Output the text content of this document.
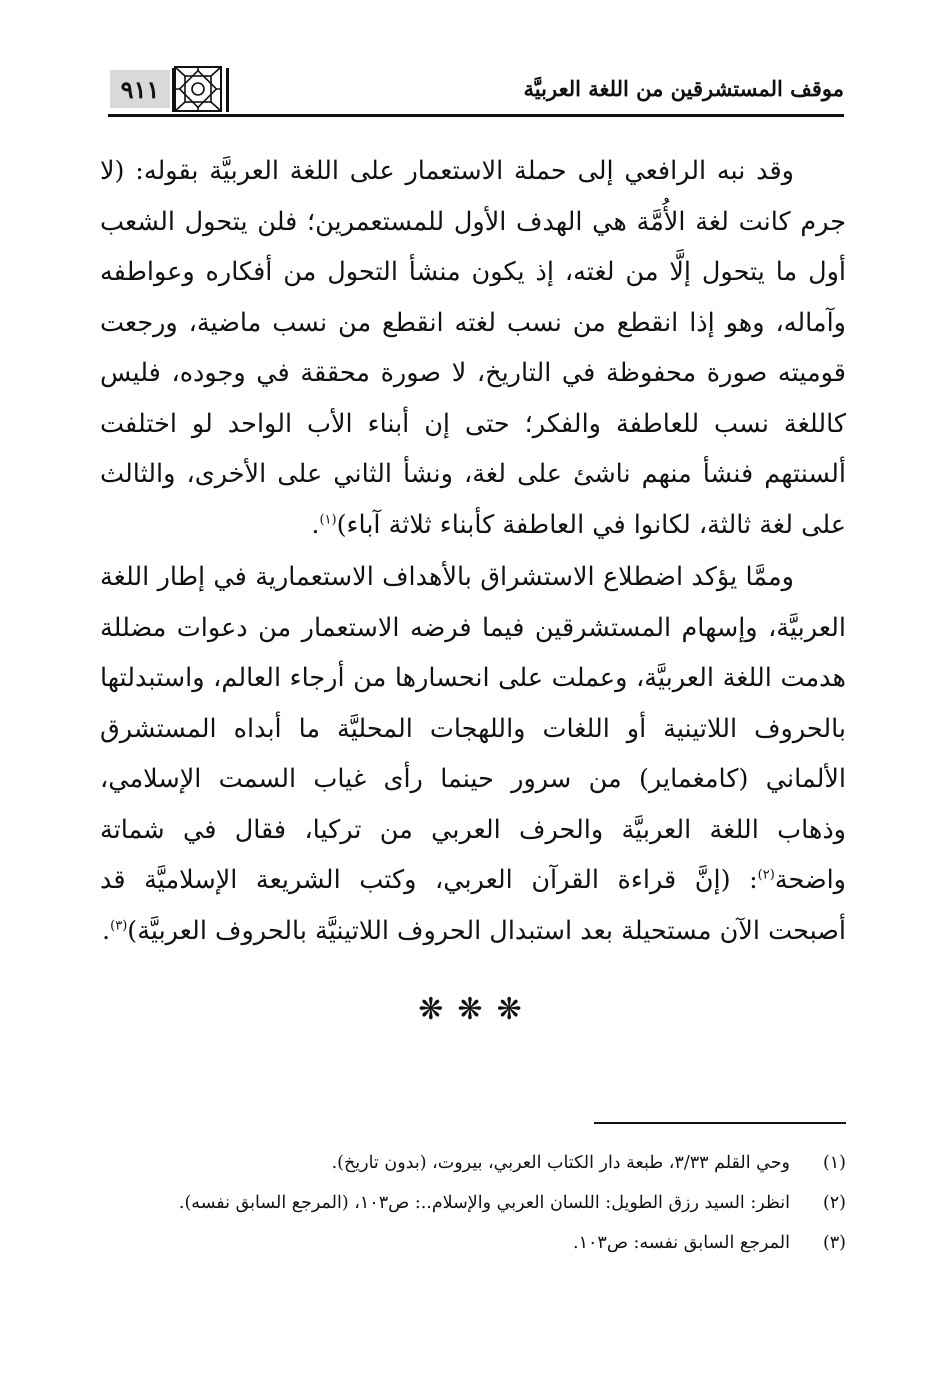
٩١١	موقف المستشرقين من اللغة العربيَّة

وقد نبه الرافعي إلى حملة الاستعمار على اللغة العربيَّة بقوله: (لا جرم كانت لغة الأُمَّة هي الهدف الأول للمستعمرين؛ فلن يتحول الشعب أول ما يتحول إلَّا من لغته، إذ يكون منشأ التحول من أفكاره وعواطفه وآماله، وهو إذا انقطع من نسب لغته انقطع من نسب ماضية، ورجعت قوميته صورة محفوظة في التاريخ، لا صورة محققة في وجوده، فليس كاللغة نسب للعاطفة والفكر؛ حتى إن أبناء الأب الواحد لو اختلفت ألسنتهم فنشأ منهم ناشئ على لغة، ونشأ الثاني على الأخرى، والثالث على لغة ثالثة، لكانوا في العاطفة كأبناء ثلاثة آباء)$^{(١)}$.

وممَّا يؤكد اضطلاع الاستشراق بالأهداف الاستعمارية في إطار اللغة العربيَّة، وإسهام المستشرقين فيما فرضه الاستعمار من دعوات مضللة هدمت اللغة العربيَّة، وعملت على انحسارها من أرجاء العالم، واستبدلتها بالحروف اللاتينية أو اللغات واللهجات المحليَّة ما أبداه المستشرق الألماني (كامغماير) من سرور حينما رأى غياب السمت الإسلامي، وذهاب اللغة العربيَّة والحرف العربي من تركيا، فقال في شماتة واضحة$^{(٢)}$: (إنَّ قراءة القرآن العربي، وكتب الشريعة الإسلاميَّة قد أصبحت الآن مستحيلة بعد استبدال الحروف اللاتينيَّة بالحروف العربيَّة)$^{(٣)}$.

❋ ❋ ❋
(١)
وحي القلم ٣/٣٣، طبعة دار الكتاب العربي، بيروت، (بدون تاريخ).
(٢)
انظر: السيد رزق الطويل: اللسان العربي والإسلام..: ص١٠٣، (المرجع السابق نفسه).
(٣)
المرجع السابق نفسه: ص١٠٣.
